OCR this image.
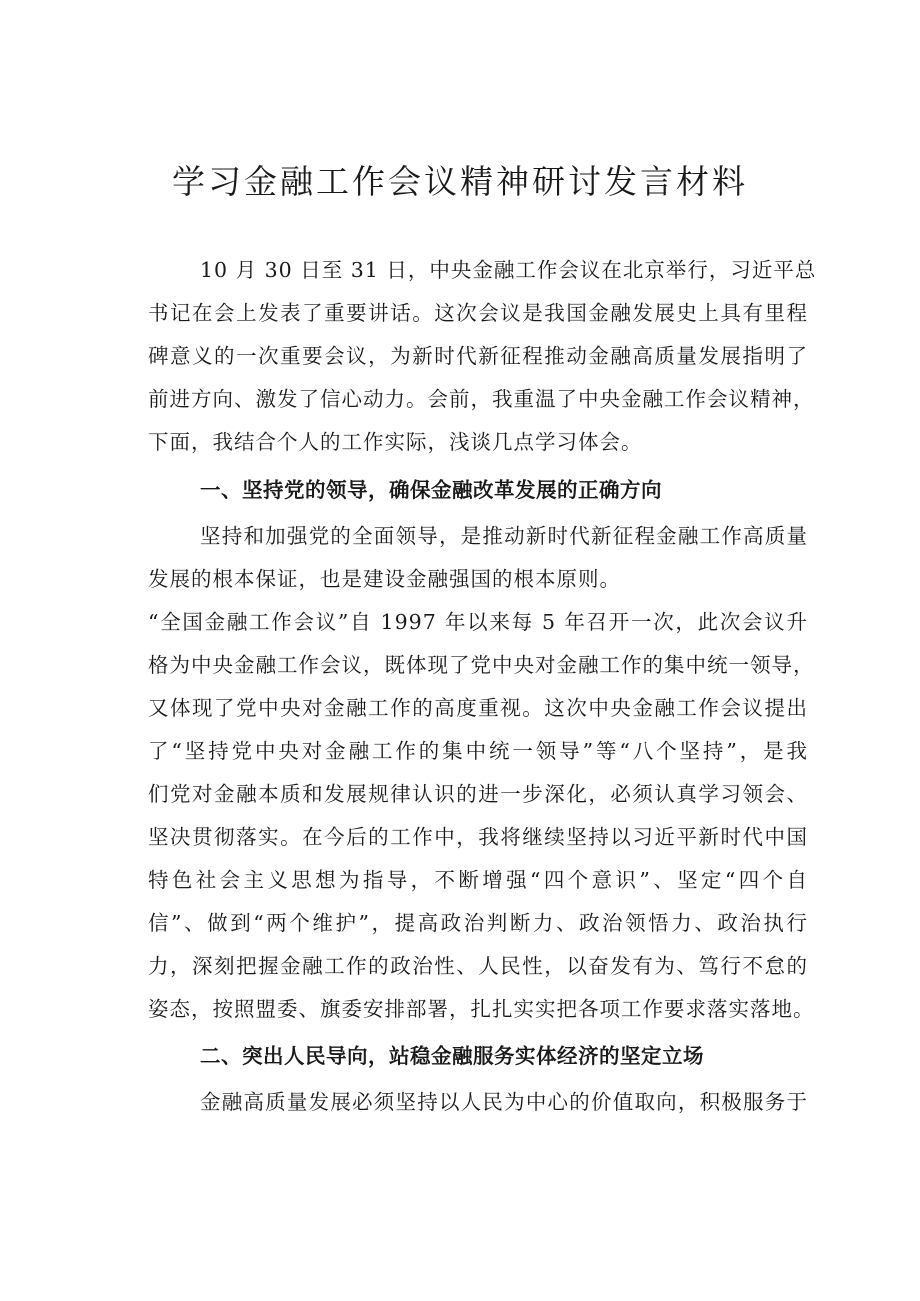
学习金融工作会议精神研讨发言材料
10 月 30 日至 31 日，中央金融工作会议在北京举行，习近平总
书记在会上发表了重要讲话。这次会议是我国金融发展史上具有里程
碑意义的一次重要会议，为新时代新征程推动金融高质量发展指明了
前进方向、激发了信心动力。会前，我重温了中央金融工作会议精神，
下面，我结合个人的工作实际，浅谈几点学习体会。
一、坚持党的领导，确保金融改革发展的正确方向
坚持和加强党的全面领导，是推动新时代新征程金融工作高质量
发展的根本保证，也是建设金融强国的根本原则。
“全国金融工作会议”自 1997 年以来每 5 年召开一次，此次会议升
格为中央金融工作会议，既体现了党中央对金融工作的集中统一领导，
又体现了党中央对金融工作的高度重视。这次中央金融工作会议提出
了“坚持党中央对金融工作的集中统一领导”等“八个坚持”，是我
们党对金融本质和发展规律认识的进一步深化，必须认真学习领会、
坚决贯彻落实。在今后的工作中，我将继续坚持以习近平新时代中国
特色社会主义思想为指导，不断增强“四个意识”、坚定“四个自
信”、做到“两个维护”，提高政治判断力、政治领悟力、政治执行
力，深刻把握金融工作的政治性、人民性，以奋发有为、笃行不怠的
姿态，按照盟委、旗委安排部署，扎扎实实把各项工作要求落实落地。
二、突出人民导向，站稳金融服务实体经济的坚定立场
金融高质量发展必须坚持以人民为中心的价值取向，积极服务于
